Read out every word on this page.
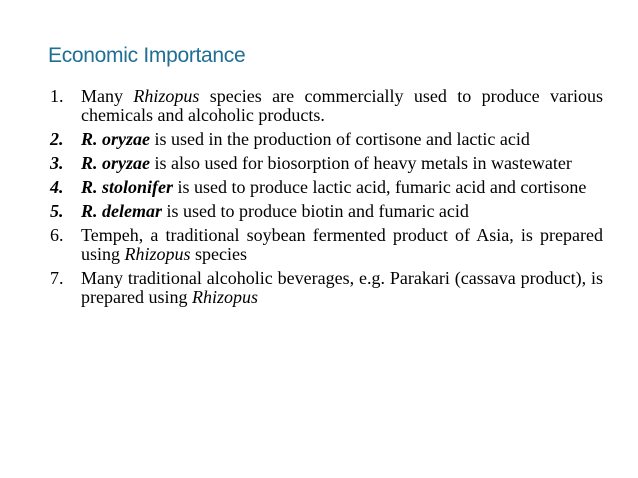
Economic Importance
1. Many Rhizopus species are commercially used to produce various chemicals and alcoholic products.
2. R. oryzae is used in the production of cortisone and lactic acid
3. R. oryzae is also used for biosorption of heavy metals in wastewater
4. R. stolonifer is used to produce lactic acid, fumaric acid and cortisone
5. R. delemar is used to produce biotin and fumaric acid
6. Tempeh, a traditional soybean fermented product of Asia, is prepared using Rhizopus species
7. Many traditional alcoholic beverages, e.g. Parakari (cassava product), is prepared using Rhizopus
